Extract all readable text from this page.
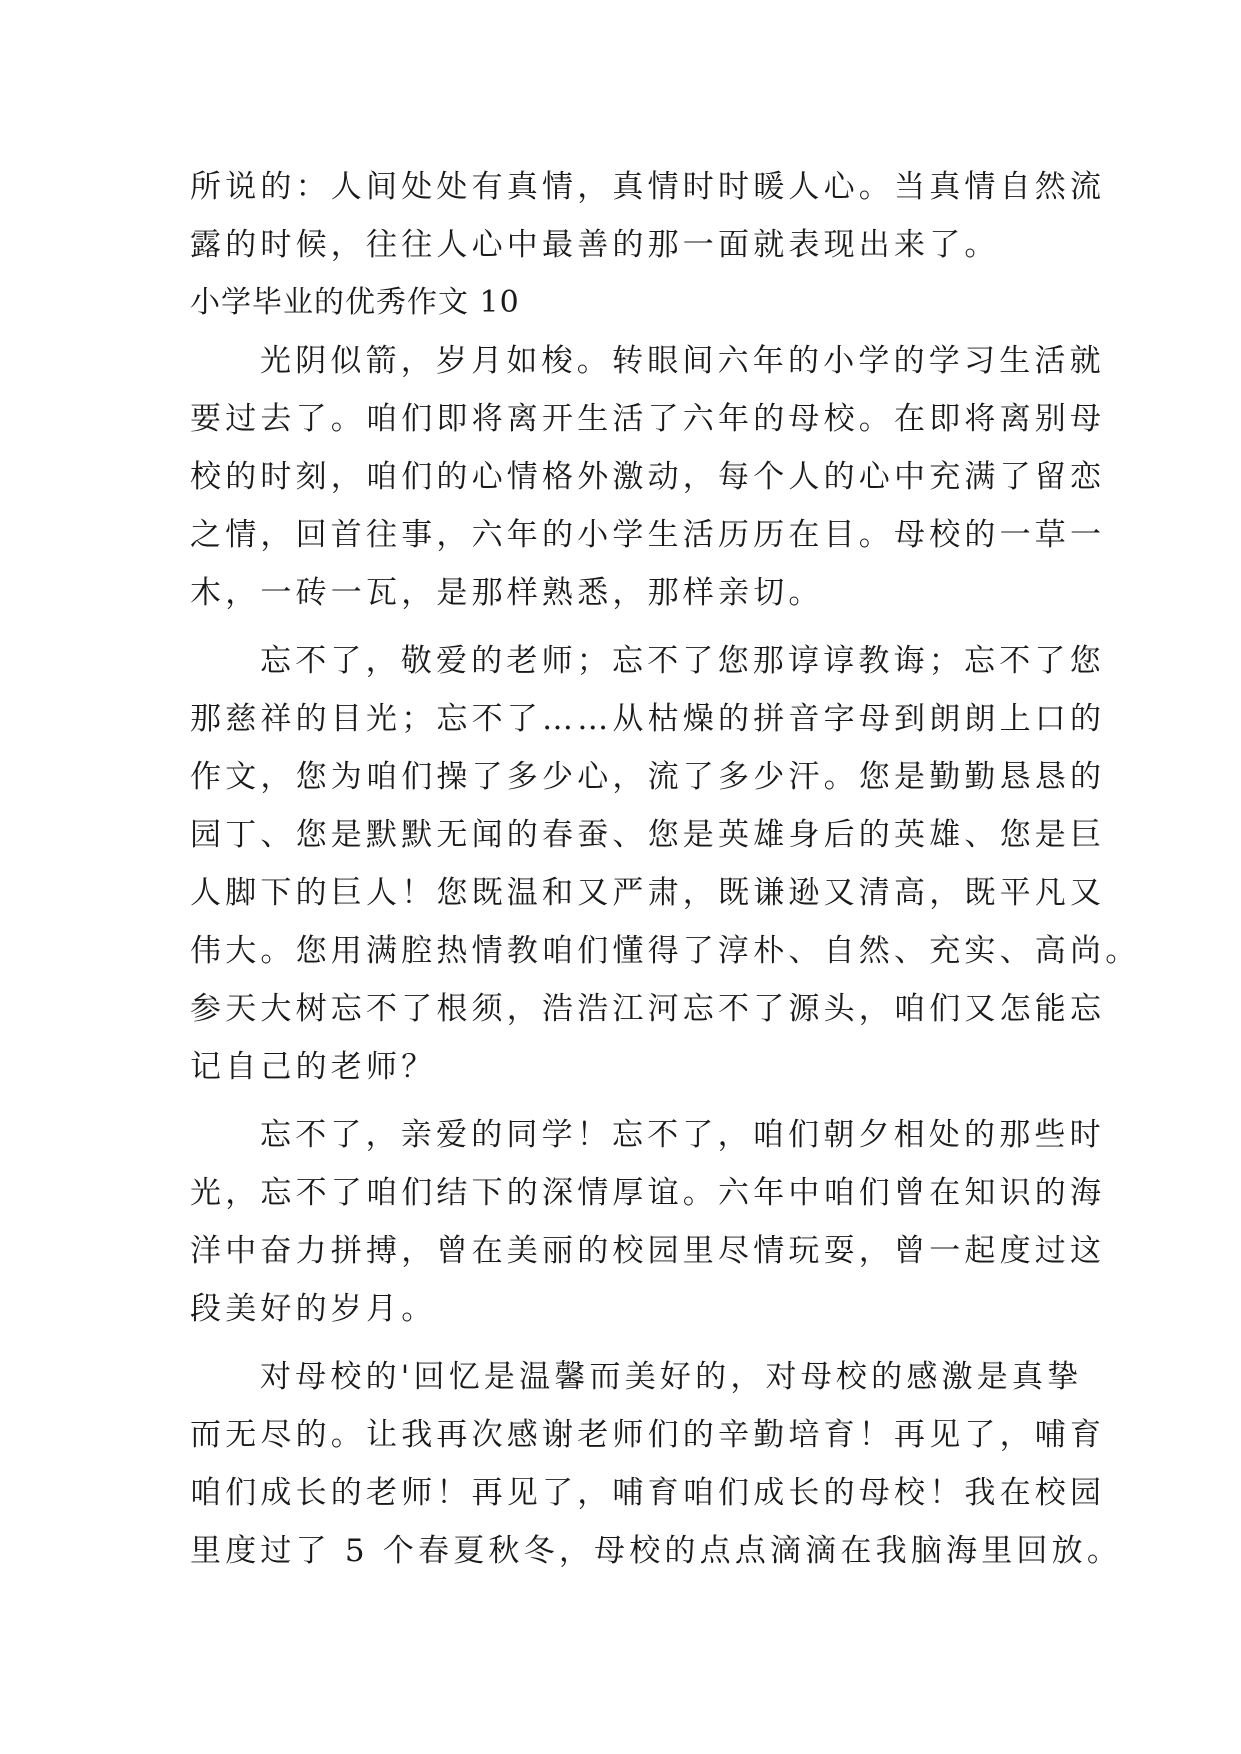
所说的：人间处处有真情，真情时时暖人心。当真情自然流
露的时候，往往人心中最善的那一面就表现出来了。
小学毕业的优秀作文 10
光阴似箭，岁月如梭。转眼间六年的小学的学习生活就
要过去了。咱们即将离开生活了六年的母校。在即将离别母
校的时刻，咱们的心情格外激动，每个人的心中充满了留恋
之情，回首往事，六年的小学生活历历在目。母校的一草一
木，一砖一瓦，是那样熟悉，那样亲切。
忘不了，敬爱的老师；忘不了您那谆谆教诲；忘不了您
那慈祥的目光；忘不了……从枯燥的拼音字母到朗朗上口的
作文，您为咱们操了多少心，流了多少汗。您是勤勤恳恳的
园丁、您是默默无闻的春蚕、您是英雄身后的英雄、您是巨
人脚下的巨人！您既温和又严肃，既谦逊又清高，既平凡又
伟大。您用满腔热情教咱们懂得了淳朴、自然、充实、高尚。
参天大树忘不了根须，浩浩江河忘不了源头，咱们又怎能忘
记自己的老师？
忘不了，亲爱的同学！忘不了，咱们朝夕相处的那些时
光，忘不了咱们结下的深情厚谊。六年中咱们曾在知识的海
洋中奋力拼搏，曾在美丽的校园里尽情玩耍，曾一起度过这
段美好的岁月。
对母校的'回忆是温馨而美好的，对母校的感激是真挚
而无尽的。让我再次感谢老师们的辛勤培育！再见了，哺育
咱们成长的老师！再见了，哺育咱们成长的母校！我在校园
里度过了 5 个春夏秋冬，母校的点点滴滴在我脑海里回放。
